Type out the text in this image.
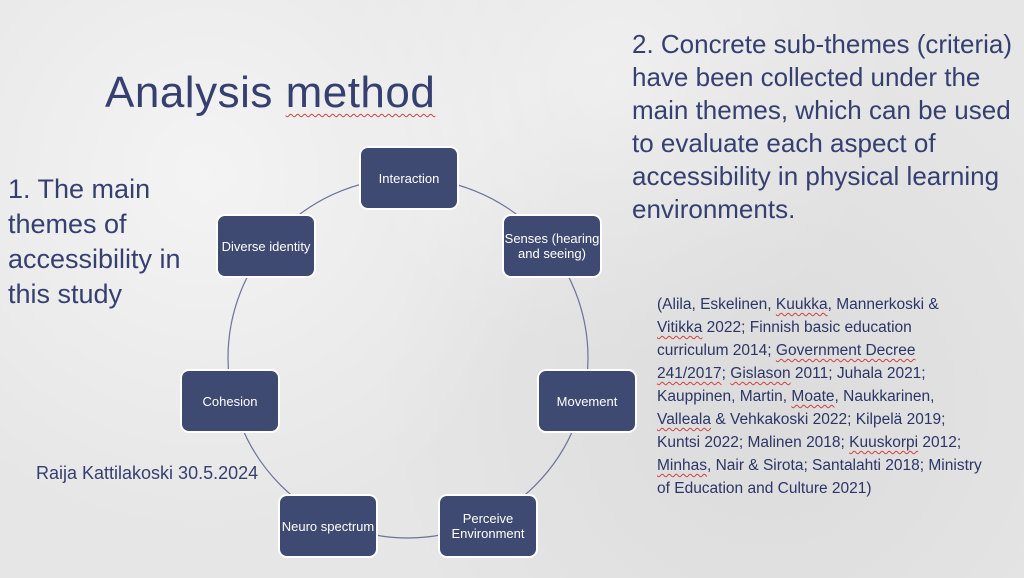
Analysis method
1. The main themes of accessibility in this study
2. Concrete sub-themes (criteria) have been collected under the main themes, which can be used to evaluate each aspect of accessibility in physical learning environments.
(Alila, Eskelinen, Kuukka, Mannerkoski & Vitikka 2022; Finnish basic education curriculum 2014; Government Decree 241/2017; Gislason 2011; Juhala 2021; Kauppinen, Martin, Moate, Naukkarinen, Valleala & Vehkakoski 2022; Kilpelä 2019; Kuntsi 2022; Malinen 2018; Kuuskorpi 2012; Minhas, Nair & Sirota; Santalahti 2018; Ministry of Education and Culture 2021)
Raija Kattilakoski 30.5.2024
Interaction
Senses (hearing and seeing)
Movement
Perceive Environment
Neuro spectrum
Cohesion
Diverse identity
